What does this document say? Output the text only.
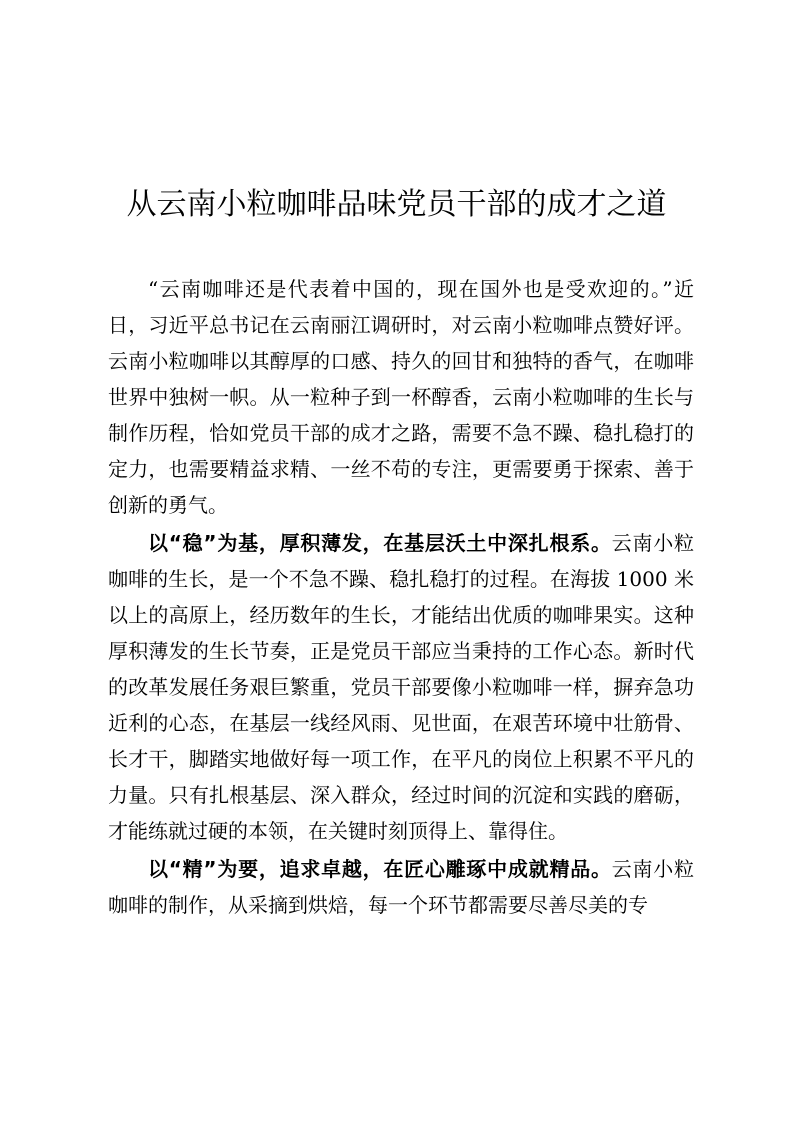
从云南小粒咖啡品味党员干部的成才之道

“云南咖啡还是代表着中国的，现在国外也是受欢迎的。”近日，习近平总书记在云南丽江调研时，对云南小粒咖啡点赞好评。云南小粒咖啡以其醇厚的口感、持久的回甘和独特的香气，在咖啡世界中独树一帜。从一粒种子到一杯醇香，云南小粒咖啡的生长与制作历程，恰如党员干部的成才之路，需要不急不躁、稳扎稳打的定力，也需要精益求精、一丝不苟的专注，更需要勇于探索、善于创新的勇气。

以“稳”为基，厚积薄发，在基层沃土中深扎根系。云南小粒咖啡的生长，是一个不急不躁、稳扎稳打的过程。在海拔 1000 米以上的高原上，经历数年的生长，才能结出优质的咖啡果实。这种厚积薄发的生长节奏，正是党员干部应当秉持的工作心态。新时代的改革发展任务艰巨繁重，党员干部要像小粒咖啡一样，摒弃急功近利的心态，在基层一线经风雨、见世面，在艰苦环境中壮筋骨、长才干，脚踏实地做好每一项工作，在平凡的岗位上积累不平凡的力量。只有扎根基层、深入群众，经过时间的沉淀和实践的磨砺，才能练就过硬的本领，在关键时刻顶得上、靠得住。

以“精”为要，追求卓越，在匠心雕琢中成就精品。云南小粒咖啡的制作，从采摘到烘焙，每一个环节都需要尽善尽美的专
